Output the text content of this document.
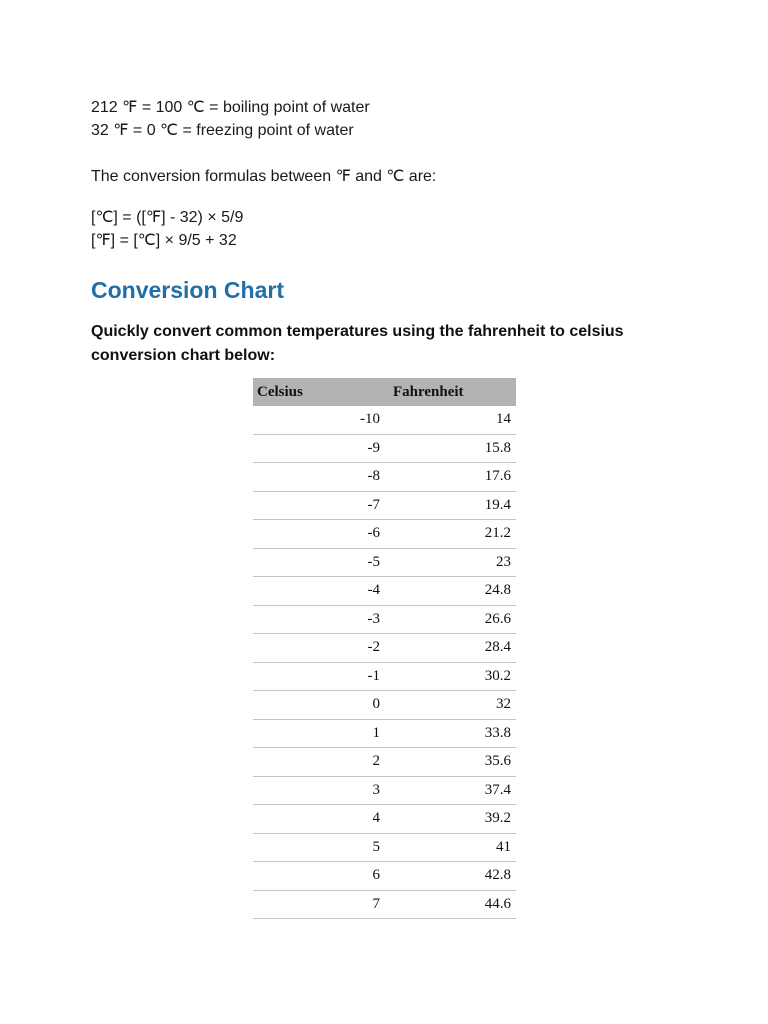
212 ℉ = 100 ℃ = boiling point of water

32 ℉ = 0 ℃ = freezing point of water

The conversion formulas between ℉ and ℃ are:

[℃] = ([℉] - 32) × 5/9

[℉] = [℃] × 9/5 + 32

Conversion Chart

Quickly convert common temperatures using the fahrenheit to celsius conversion chart below:

Celsius	Fahrenheit
-10	14
-9	15.8
-8	17.6
-7	19.4
-6	21.2
-5	23
-4	24.8
-3	26.6
-2	28.4
-1	30.2
0	32
1	33.8
2	35.6
3	37.4
4	39.2
5	41
6	42.8
7	44.6
